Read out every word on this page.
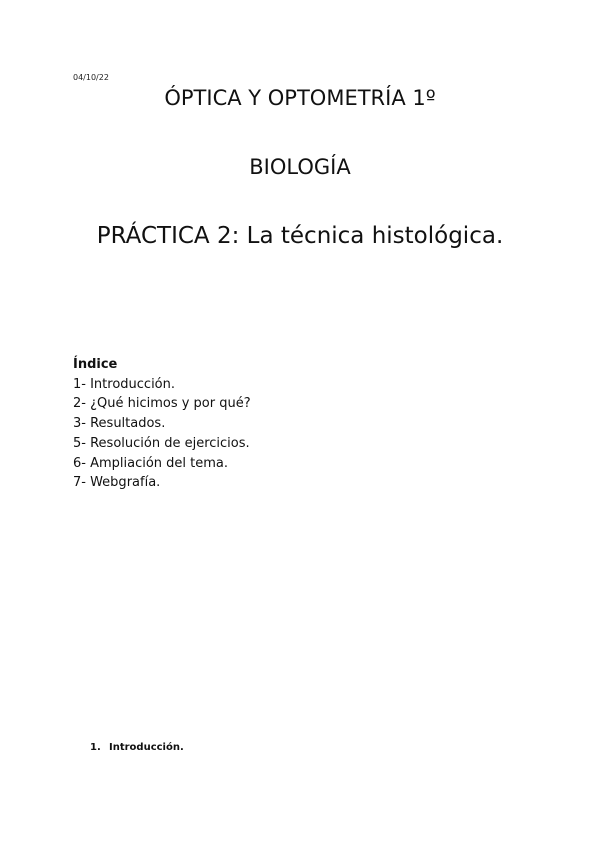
04/10/22
ÓPTICA Y OPTOMETRÍA 1º
BIOLOGÍA
PRÁCTICA 2: La técnica histológica.
Índice
1- Introducción.
2- ¿Qué hicimos y por qué?
3- Resultados.
5- Resolución de ejercicios.
6- Ampliación del tema.
7- Webgrafía.
1. Introducción.
